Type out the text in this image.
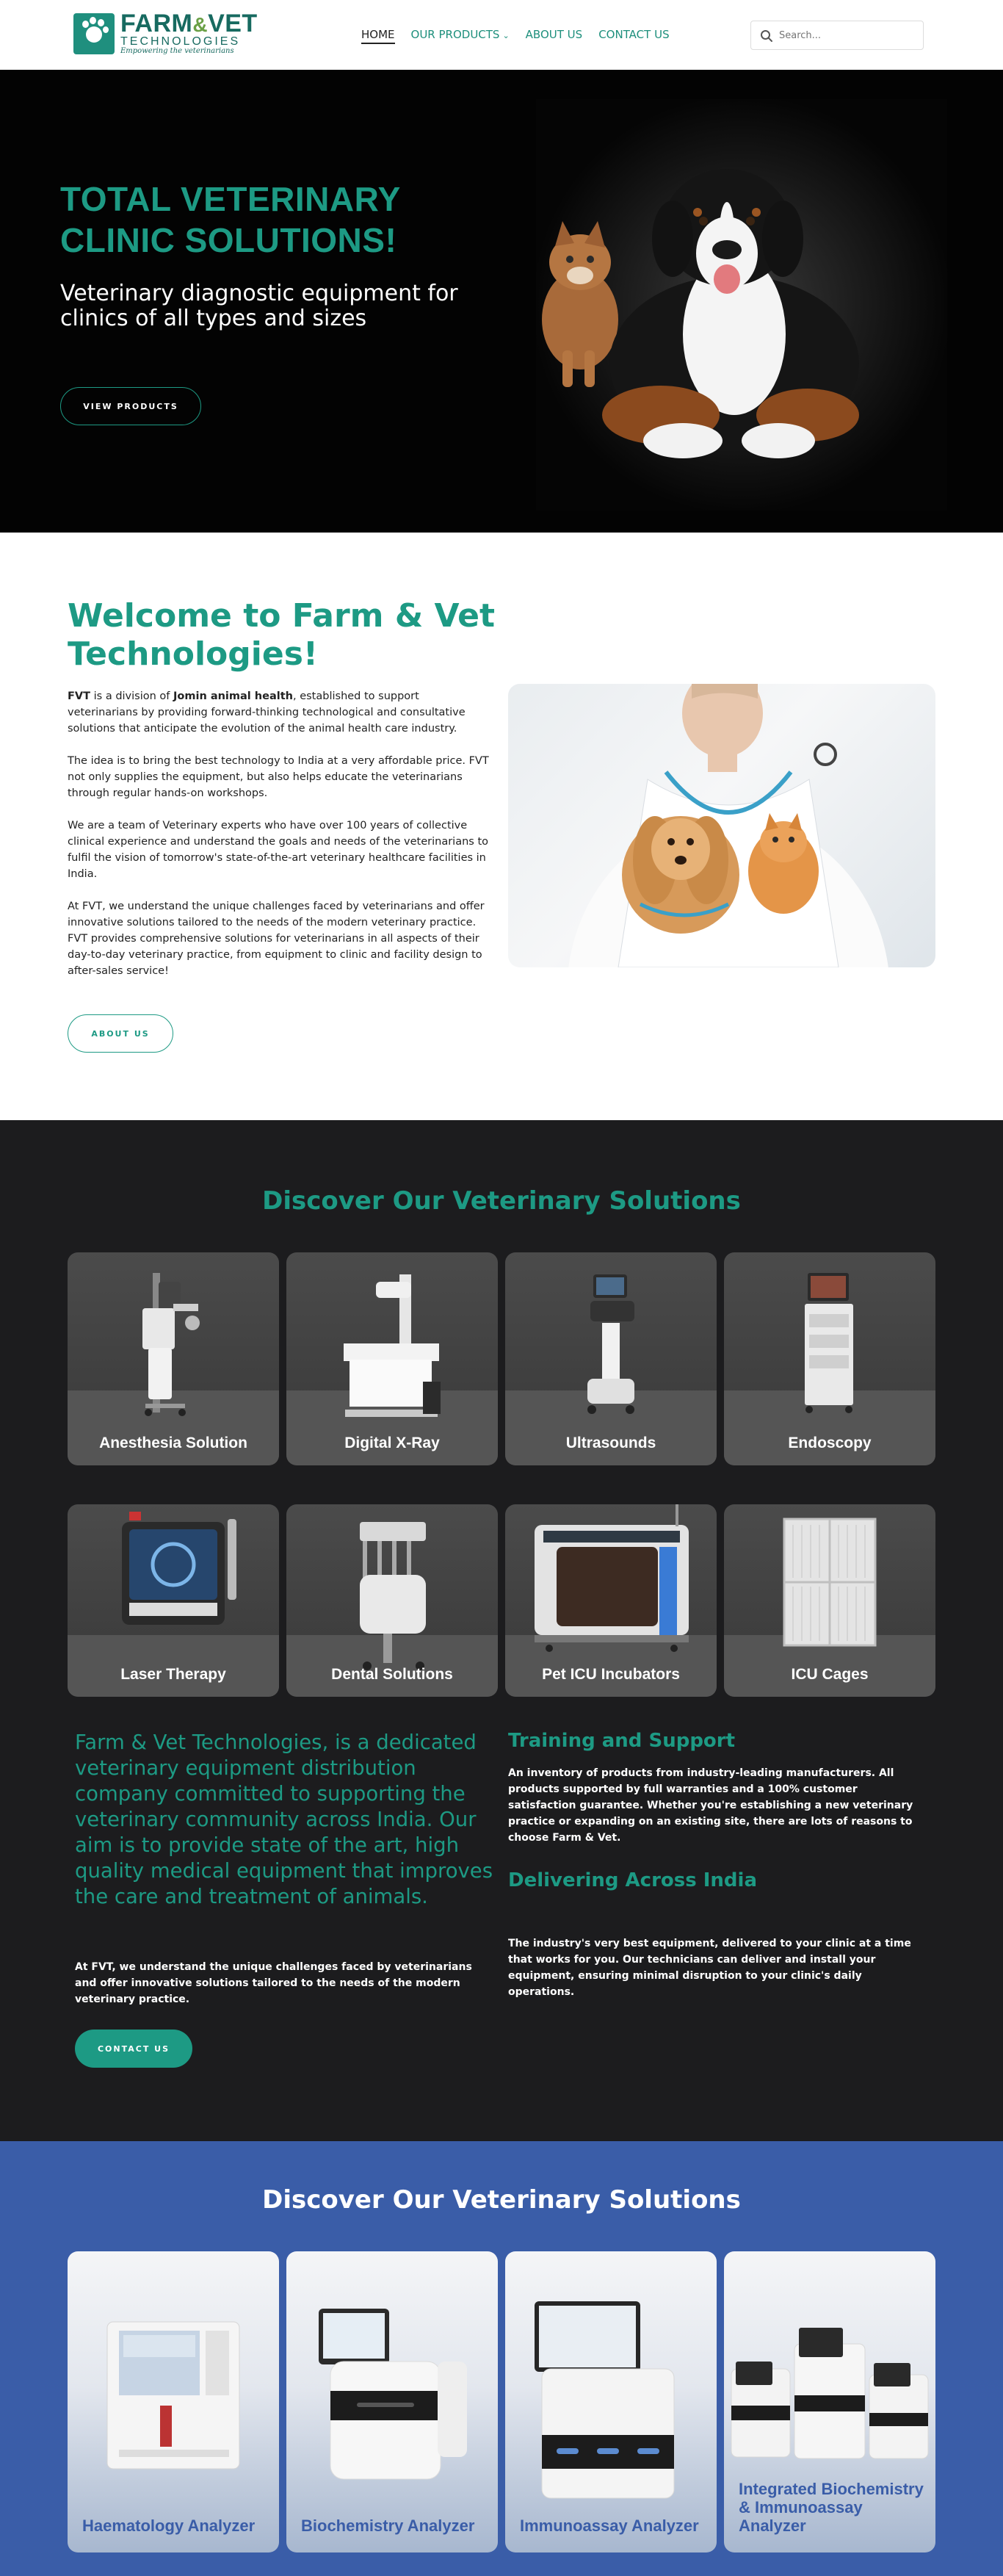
FARM&VET
TECHNOLOGIES
Empowering the veterinarians
HOME OUR PRODUCTS ⌄ ABOUT US CONTACT US
Search...
TOTAL VETERINARY CLINIC SOLUTIONS!

Veterinary diagnostic equipment for clinics of all types and sizes

VIEW PRODUCTS
Welcome to Farm & Vet Technologies!

FVT is a division of Jomin animal health, established to support veterinarians by providing forward-thinking technological and consultative solutions that anticipate the evolution of the animal health care industry.

The idea is to bring the best technology to India at a very affordable price. FVT not only supplies the equipment, but also helps educate the veterinarians through regular hands-on workshops.

We are a team of Veterinary experts who have over 100 years of collective clinical experience and understand the goals and needs of the veterinarians to fulfil the vision of tomorrow's state-of-the-art veterinary healthcare facilities in India.

At FVT, we understand the unique challenges faced by veterinarians and offer innovative solutions tailored to the needs of the modern veterinary practice. FVT provides comprehensive solutions for veterinarians in all aspects of their day-to-day veterinary practice, from equipment to clinic and facility design to after-sales service!

ABOUT US
Discover Our Veterinary Solutions
Anesthesia Solution	Digital X-Ray	Ultrasounds	Endoscopy
Laser Therapy	Dental Solutions	Pet ICU Incubators	ICU Cages

Farm & Vet Technologies, is a dedicated veterinary equipment distribution company committed to supporting the veterinary community across India. Our aim is to provide state of the art, high quality medical equipment that improves the care and treatment of animals.

At FVT, we understand the unique challenges faced by veterinarians and offer innovative solutions tailored to the needs of the modern veterinary practice.

CONTACT US
Training and Support

An inventory of products from industry-leading manufacturers. All products supported by full warranties and a 100% customer satisfaction guarantee. Whether you're establishing a new veterinary practice or expanding on an existing site, there are lots of reasons to choose Farm & Vet.

Delivering Across India

The industry's very best equipment, delivered to your clinic at a time that works for you. Our technicians can deliver and install your equipment, ensuring minimal disruption to your clinic's daily operations.

Discover Our Veterinary Solutions
Haematology Analyzer	Biochemistry Analyzer	Immunoassay Analyzer
Integrated Biochemistry & Immunoassay Analyzer
